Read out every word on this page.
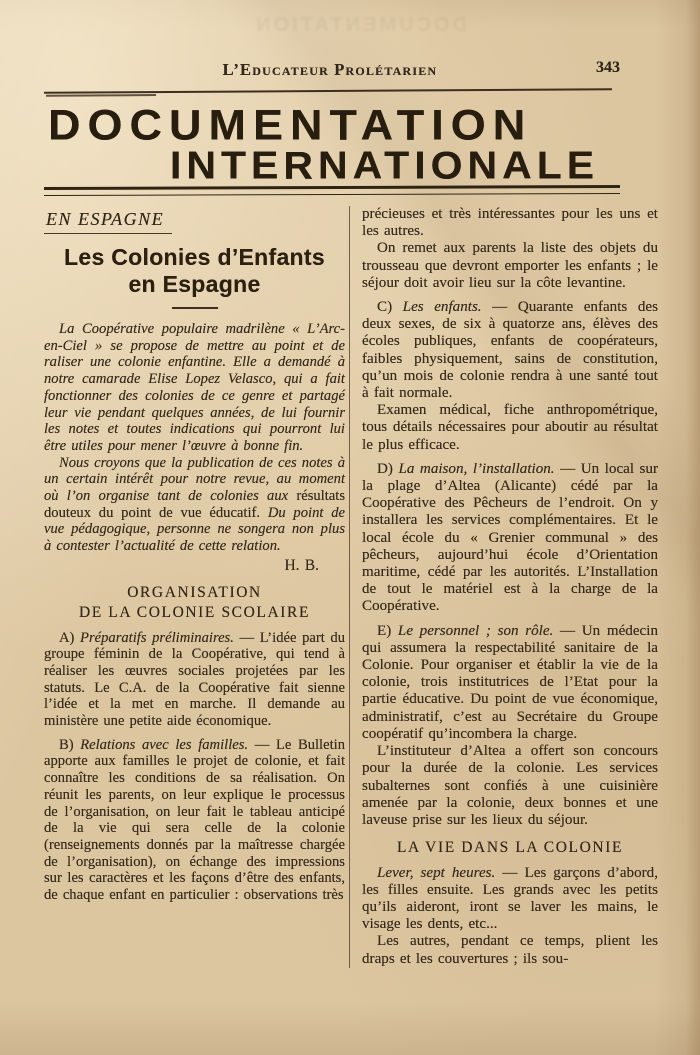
DOCUMENTATION
L’Educateur Prolétarien	343
DOCUMENTATION
INTERNATIONALE
EN ESPAGNE
Les Colonies d’Enfants
en Espagne

La Coopérative populaire madrilène « L’Arc-en-Ciel » se propose de mettre au point et de raliser une colonie enfantine. Elle a demandé à notre camarade Elise Lopez Velasco, qui a fait fonctionner des colonies de ce genre et partagé leur vie pendant quelques années, de lui fournir les notes et toutes indications qui pourront lui être utiles pour mener l’œuvre à bonne fin.

Nous croyons que la publication de ces notes à un certain intérêt pour notre revue, au moment où l’on organise tant de colonies aux résultats douteux du point de vue éducatif. Du point de vue pédagogique, personne ne songera non plus à contester l’actualité de cette relation.

H. B.

ORGANISATION
DE LA COLONIE SCOLAIRE

A) Préparatifs préliminaires. — L’idée part du groupe féminin de la Coopérative, qui tend à réaliser les œuvres sociales projetées par les statuts. Le C.A. de la Coopérative fait sienne l’idée et la met en marche. Il demande au ministère une petite aide économique.

B) Relations avec les familles. — Le Bulletin apporte aux familles le projet de colonie, et fait connaître les conditions de sa réalisation. On réunit les parents, on leur explique le processus de l’organisation, on leur fait le tableau anticipé de la vie qui sera celle de la colonie (renseignements donnés par la maîtresse chargée de l’organisation), on échange des impressions sur les caractères et les façons d’être des enfants, de chaque enfant en particulier : observations très

précieuses et très intéressantes pour les uns et les autres.

On remet aux parents la liste des objets du trousseau que devront emporter les enfants ; le séjour doit avoir lieu sur la côte levantine.

C) Les enfants. — Quarante enfants des deux sexes, de six à quatorze ans, élèves des écoles publiques, enfants de coopérateurs, faibles physiquement, sains de constitution, qu’un mois de colonie rendra à une santé tout à fait normale.

Examen médical, fiche anthropométrique, tous détails nécessaires pour aboutir au résultat le plus efficace.

D) La maison, l’installation. — Un local sur la plage d’Altea (Alicante) cédé par la Coopérative des Pêcheurs de l’endroit. On y installera les services complémentaires. Et le local école du « Grenier communal » des pêcheurs, aujourd’hui école d’Orientation maritime, cédé par les autorités. L’Installation de tout le matériel est à la charge de la Coopérative.

E) Le personnel ; son rôle. — Un médecin qui assumera la respectabilité sanitaire de la Colonie. Pour organiser et établir la vie de la colonie, trois institutrices de l’Etat pour la partie éducative. Du point de vue économique, administratif, c’est au Secrétaire du Groupe coopératif qu’incombera la charge.

L’instituteur d’Altea a offert son concours pour la durée de la colonie. Les services subalternes sont confiés à une cuisinière amenée par la colonie, deux bonnes et une laveuse prise sur les lieux du séjour.

LA VIE DANS LA COLONIE

Lever, sept heures. — Les garçons d’abord, les filles ensuite. Les grands avec les petits qu’ils aideront, iront se laver les mains, le visage les dents, etc...

Les autres, pendant ce temps, plient les draps et les couvertures ; ils sou-
